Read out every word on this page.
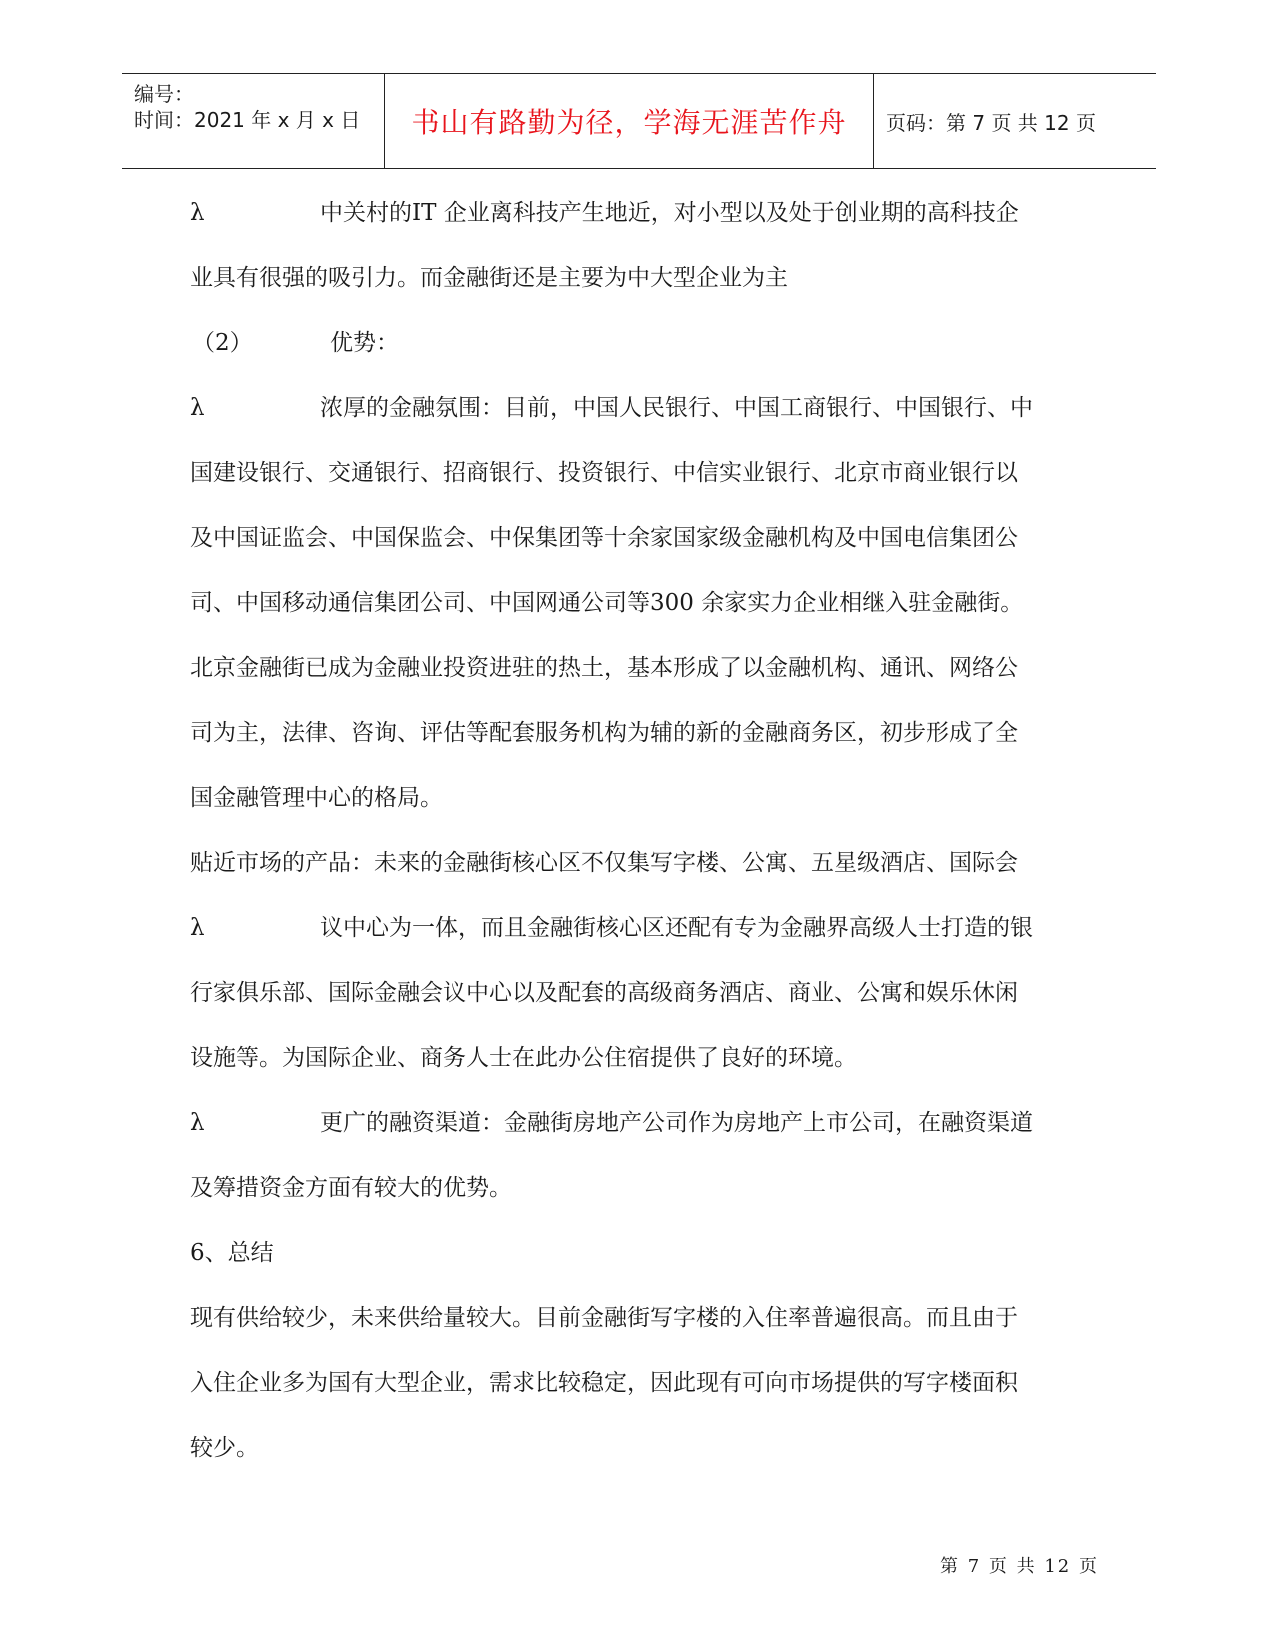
编号：
时间：2021 年 x 月 x 日 书山有路勤为径，学海无涯苦作舟 页码：第 7 页 共 12 页
λ	中关村的IT 企业离科技产生地近，对小型以及处于创业期的高科技企
业具有很强的吸引力。而金融街还是主要为中大型企业为主
（2）	优势：
λ	浓厚的金融氛围：目前，中国人民银行、中国工商银行、中国银行、中
国建设银行、交通银行、招商银行、投资银行、中信实业银行、北京市商业银行以
及中国证监会、中国保监会、中保集团等十余家国家级金融机构及中国电信集团公
司、中国移动通信集团公司、中国网通公司等300 余家实力企业相继入驻金融街。
北京金融街已成为金融业投资进驻的热土，基本形成了以金融机构、通讯、网络公
司为主，法律、咨询、评估等配套服务机构为辅的新的金融商务区，初步形成了全
国金融管理中心的格局。
贴近市场的产品：未来的金融街核心区不仅集写字楼、公寓、五星级酒店、国际会
λ	议中心为一体，而且金融街核心区还配有专为金融界高级人士打造的银
行家俱乐部、国际金融会议中心以及配套的高级商务酒店、商业、公寓和娱乐休闲
设施等。为国际企业、商务人士在此办公住宿提供了良好的环境。
λ	更广的融资渠道：金融街房地产公司作为房地产上市公司，在融资渠道
及筹措资金方面有较大的优势。
6、总结
现有供给较少，未来供给量较大。目前金融街写字楼的入住率普遍很高。而且由于
入住企业多为国有大型企业，需求比较稳定，因此现有可向市场提供的写字楼面积
较少。
第 7 页 共 12 页
